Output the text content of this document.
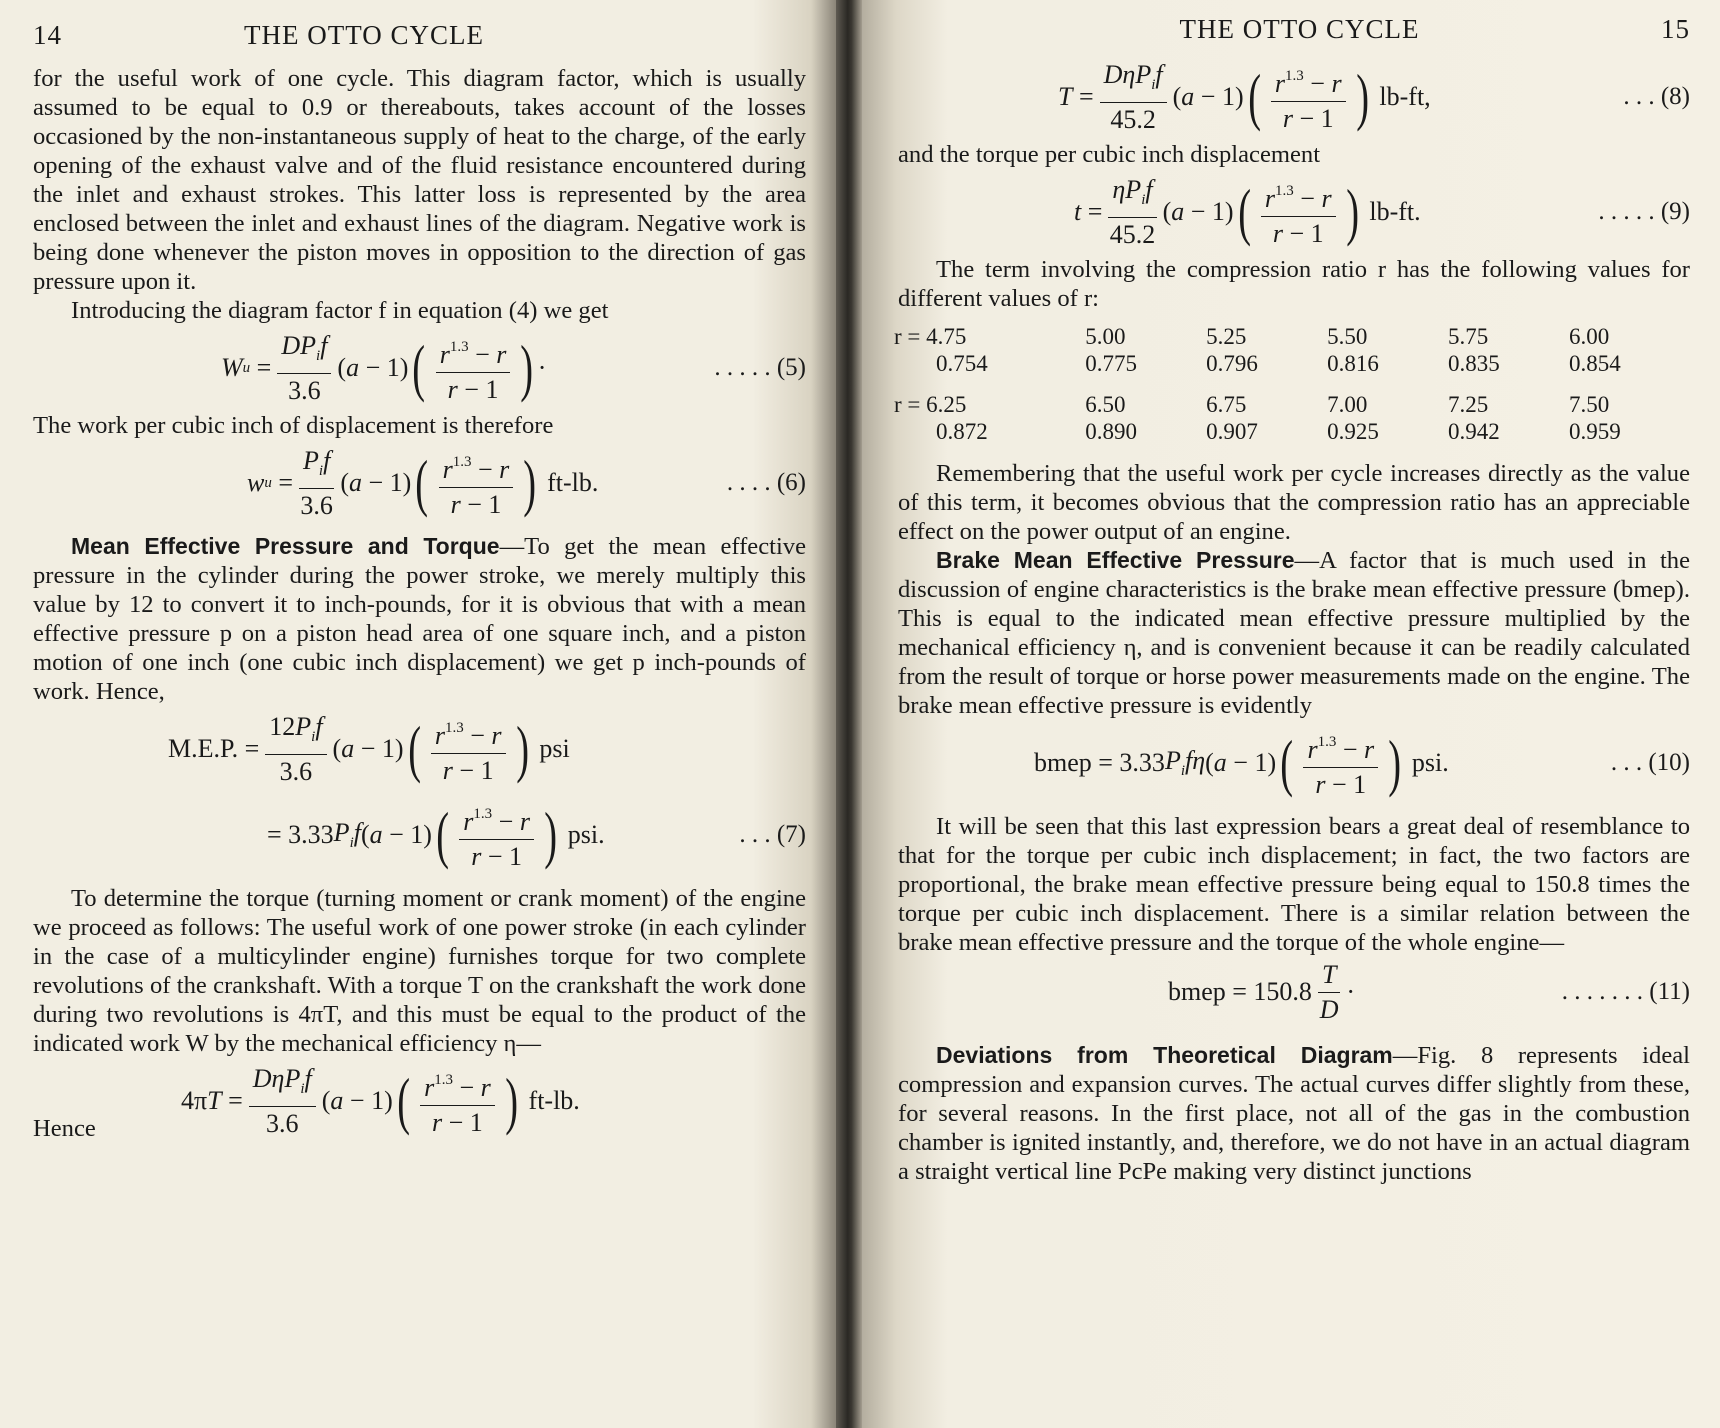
14	THE OTTO CYCLE

for the useful work of one cycle. This diagram factor, which is usually assumed to be equal to 0.9 or thereabouts, takes account of the losses occasioned by the non-instantaneous supply of heat to the charge, of the early opening of the exhaust valve and of the fluid resistance encountered during the inlet and exhaust strokes. This latter loss is represented by the area enclosed between the inlet and exhaust lines of the diagram. Negative work is being done whenever the piston moves in opposition to the direction of gas pressure upon it.

Introducing the diagram factor f in equation (4) we get

W $u = \frac{DP_if}{3.6}$ ( a − 1) ( $\frac{r^{1.3} - r}{r - 1}$ ) ·	. . . . . (5)

The work per cubic inch of displacement is therefore

w $u = \frac{P_if}{3.6}$ ( a − 1) ( $\frac{r^{1.3} - r}{r - 1}$ ) ft-lb.	. . . . (6)

Mean Effective Pressure and Torque—To get the mean effective pressure in the cylinder during the power stroke, we merely multiply this value by 12 to convert it to inch-pounds, for it is obvious that with a mean effective pressure p on a piston head area of one square inch, and a piston motion of one inch (one cubic inch displacement) we get p inch-pounds of work. Hence,

M.E.P. = $\frac{12P_if}{3.6}$ ( a − 1) ( $\frac{r^{1.3} - r}{r - 1}$ ) psi
= 3.33 $P_if$ ( a − 1) ( $\frac{r^{1.3} - r}{r - 1}$ ) psi.	. . . (7)

To determine the torque (turning moment or crank moment) of the engine we proceed as follows: The useful work of one power stroke (in each cylinder in the case of a multicylinder engine) furnishes torque for two complete revolutions of the crankshaft. With a torque T on the crankshaft the work done during two revolutions is 4πT, and this must be equal to the product of the indicated work W by the mechanical efficiency η—

4π $T = \frac{D\eta P_if}{3.6}$ ( a − 1) ( $\frac{r^{1.3} - r}{r - 1}$ ) ft-lb.

Hence

THE OTTO CYCLE	15
$T = \frac{D\eta P_if}{45.2}$ ( a − 1) ( $\frac{r^{1.3} - r}{r - 1}$ ) lb-ft,	. . . (8)

and the torque per cubic inch displacement

$t = \frac{\eta P_if}{45.2}$ ( a − 1) ( $\frac{r^{1.3} - r}{r - 1}$ ) lb-ft.	. . . . . (9)

The term involving the compression ratio r has the following values for different values of r:

r = 4.75	5.00	5.25	5.50	5.75	6.00
0.754	0.775	0.796	0.816	0.835	0.854

r = 6.25	6.50	6.75	7.00	7.25	7.50
0.872	0.890	0.907	0.925	0.942	0.959

Remembering that the useful work per cycle increases directly as the value of this term, it becomes obvious that the compression ratio has an appreciable effect on the power output of an engine.

Brake Mean Effective Pressure—A factor that is much used in the discussion of engine characteristics is the brake mean effective pressure (bmep). This is equal to the indicated mean effective pressure multiplied by the mechanical efficiency η, and is convenient because it can be readily calculated from the result of torque or horse power measurements made on the engine. The brake mean effective pressure is evidently

bmep = 3.33 $P_if\eta$ ( a − 1) ( $\frac{r^{1.3} - r}{r - 1}$ ) psi.	. . . (10)

It will be seen that this last expression bears a great deal of resemblance to that for the torque per cubic inch displacement; in fact, the two factors are proportional, the brake mean effective pressure being equal to 150.8 times the torque per cubic inch displacement. There is a similar relation between the brake mean effective pressure and the torque of the whole engine—

bmep = $150.8 \frac{T}{D}$ ·	. . . . . . . (11)

Deviations from Theoretical Diagram—Fig. 8 represents ideal compression and expansion curves. The actual curves differ slightly from these, for several reasons. In the first place, not all of the gas in the combustion chamber is ignited instantly, and, therefore, we do not have in an actual diagram a straight vertical line PcPe making very distinct junctions
